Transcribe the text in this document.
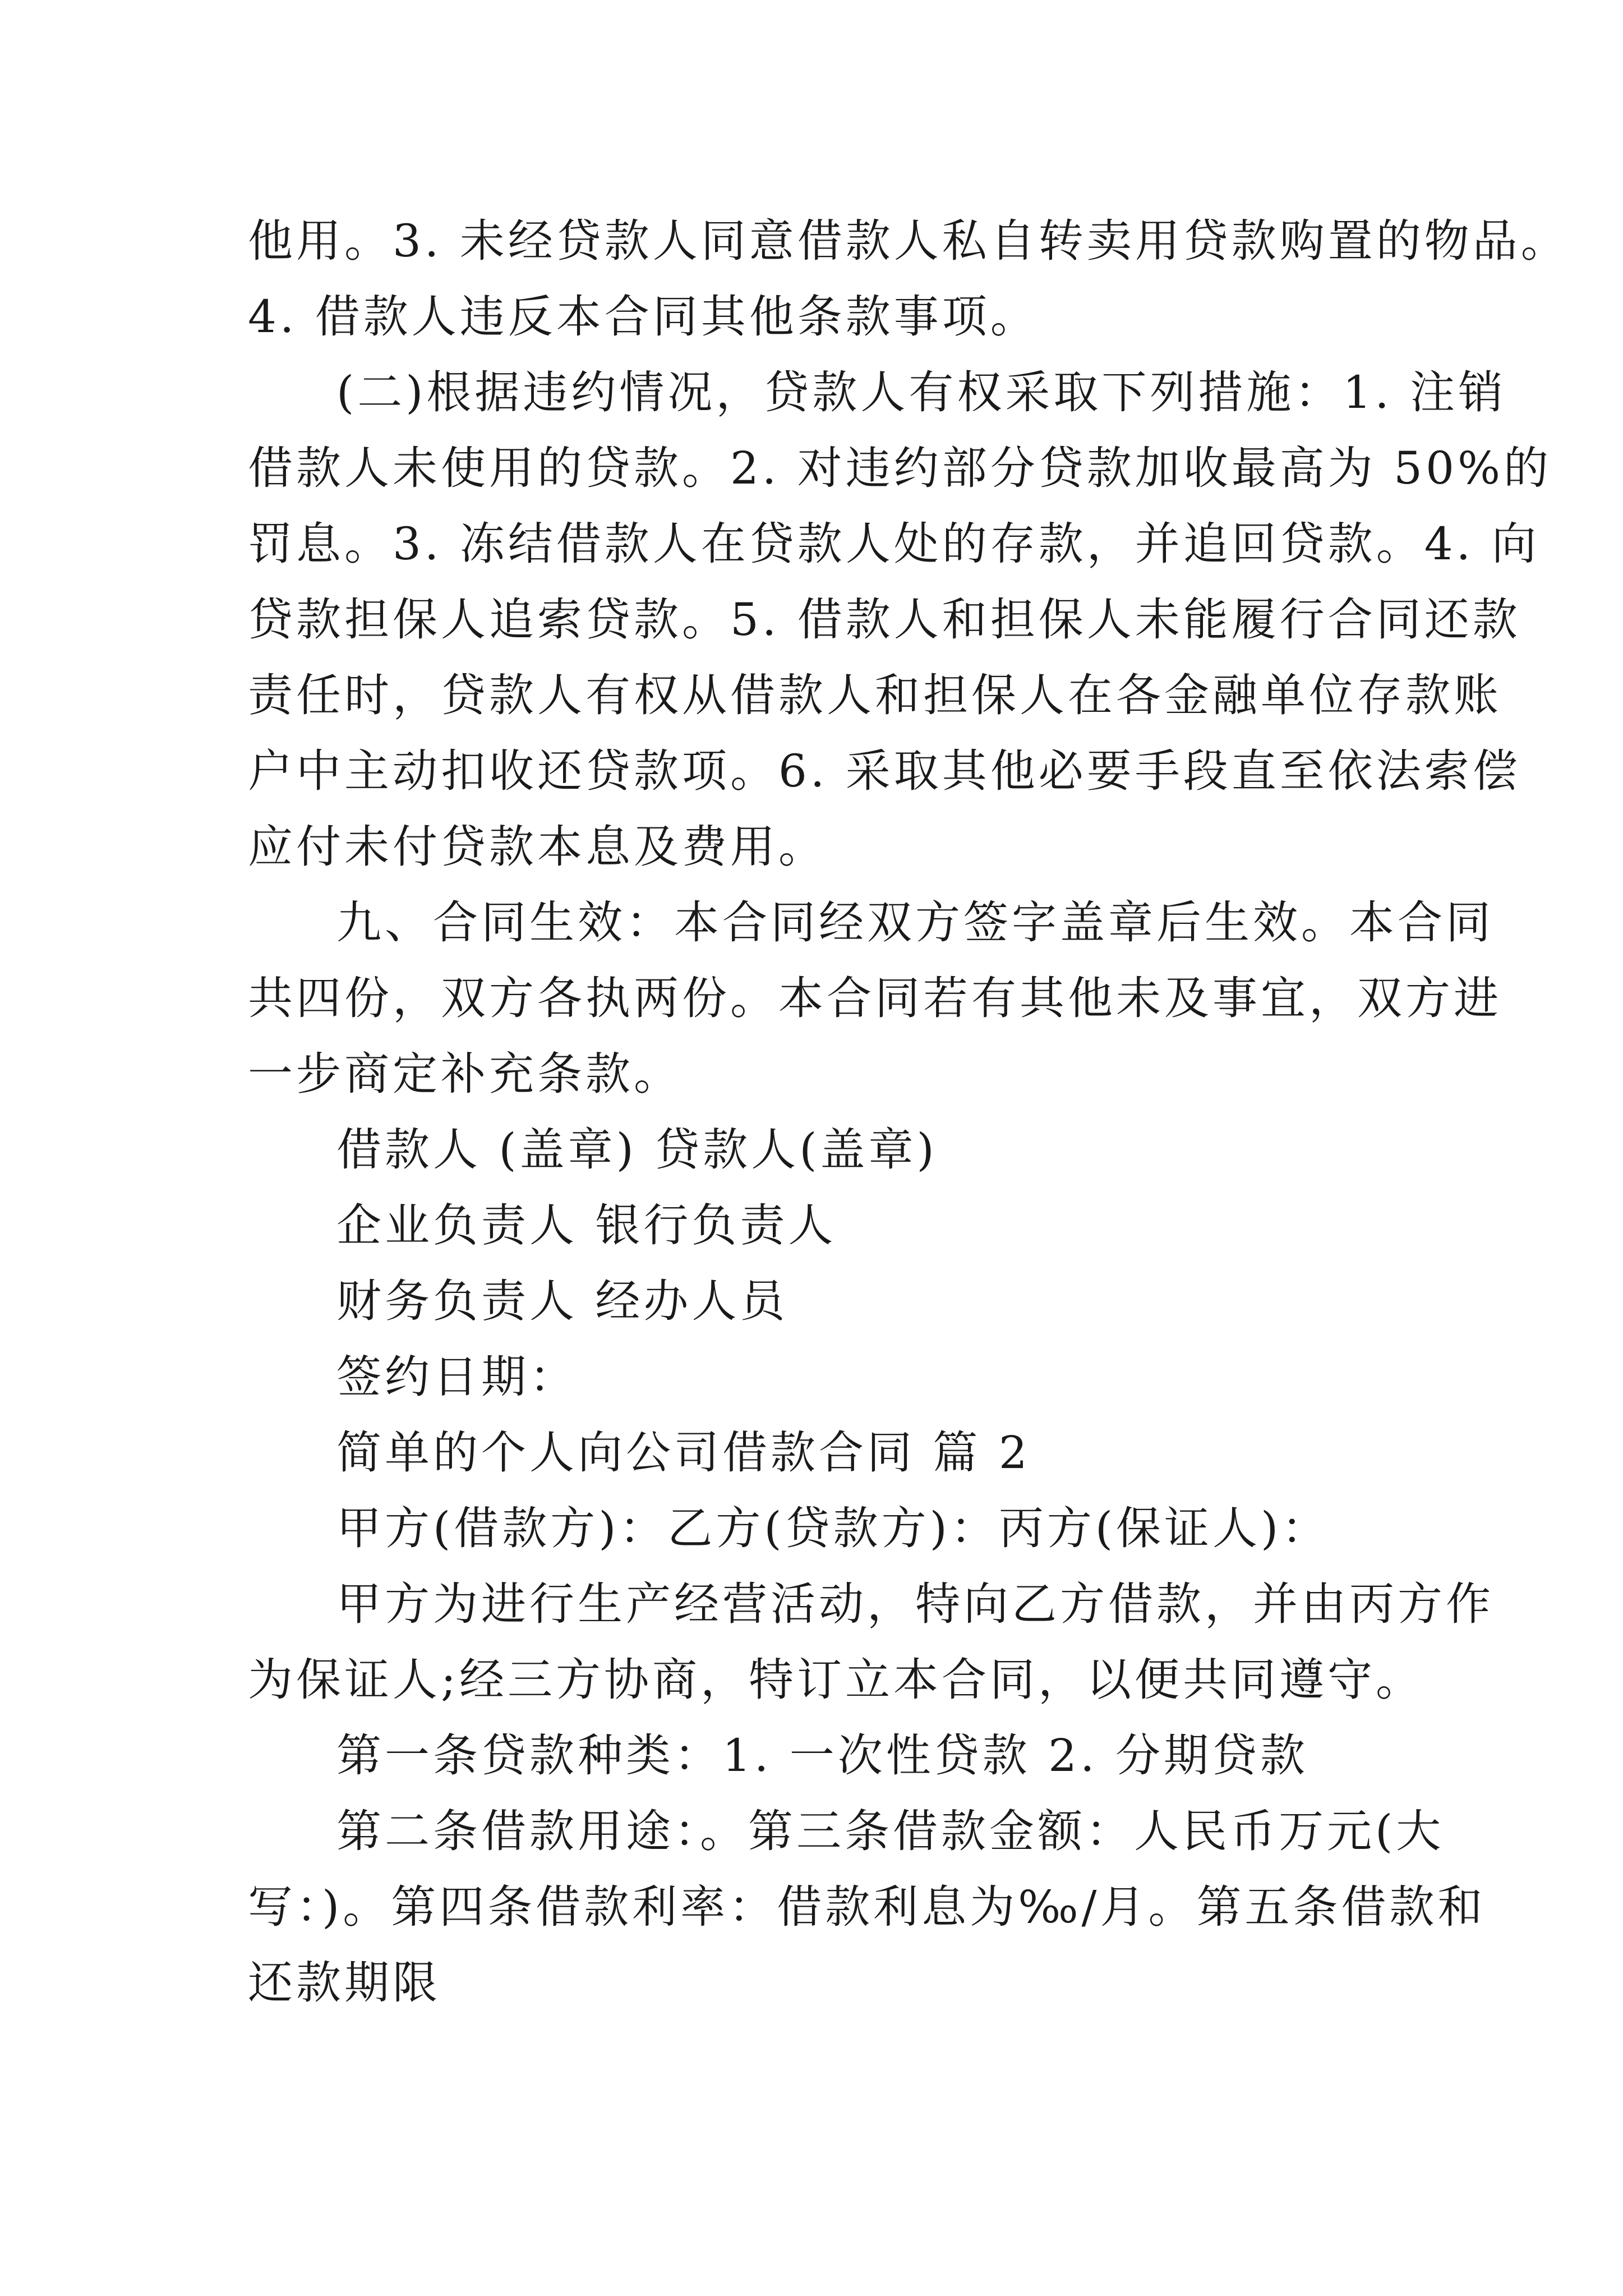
他用。3. 未经贷款人同意借款人私自转卖用贷款购置的物品。
4. 借款人违反本合同其他条款事项。
(二)根据违约情况，贷款人有权采取下列措施：1. 注销
借款人未使用的贷款。2. 对违约部分贷款加收最高为 50%的
罚息。3. 冻结借款人在贷款人处的存款，并追回贷款。4. 向
贷款担保人追索贷款。5. 借款人和担保人未能履行合同还款
责任时，贷款人有权从借款人和担保人在各金融单位存款账
户中主动扣收还贷款项。6. 采取其他必要手段直至依法索偿
应付未付贷款本息及费用。
九、合同生效：本合同经双方签字盖章后生效。本合同
共四份，双方各执两份。本合同若有其他未及事宜，双方进
一步商定补充条款。
借款人 (盖章) 贷款人(盖章)
企业负责人 银行负责人
财务负责人 经办人员
签约日期：
简单的个人向公司借款合同 篇 2
甲方(借款方)：乙方(贷款方)：丙方(保证人)：
甲方为进行生产经营活动，特向乙方借款，并由丙方作
为保证人;经三方协商，特订立本合同，以便共同遵守。
第一条贷款种类：1. 一次性贷款 2. 分期贷款
第二条借款用途：。第三条借款金额：人民币万元(大
写：)。第四条借款利率：借款利息为‰/月。第五条借款和
还款期限
